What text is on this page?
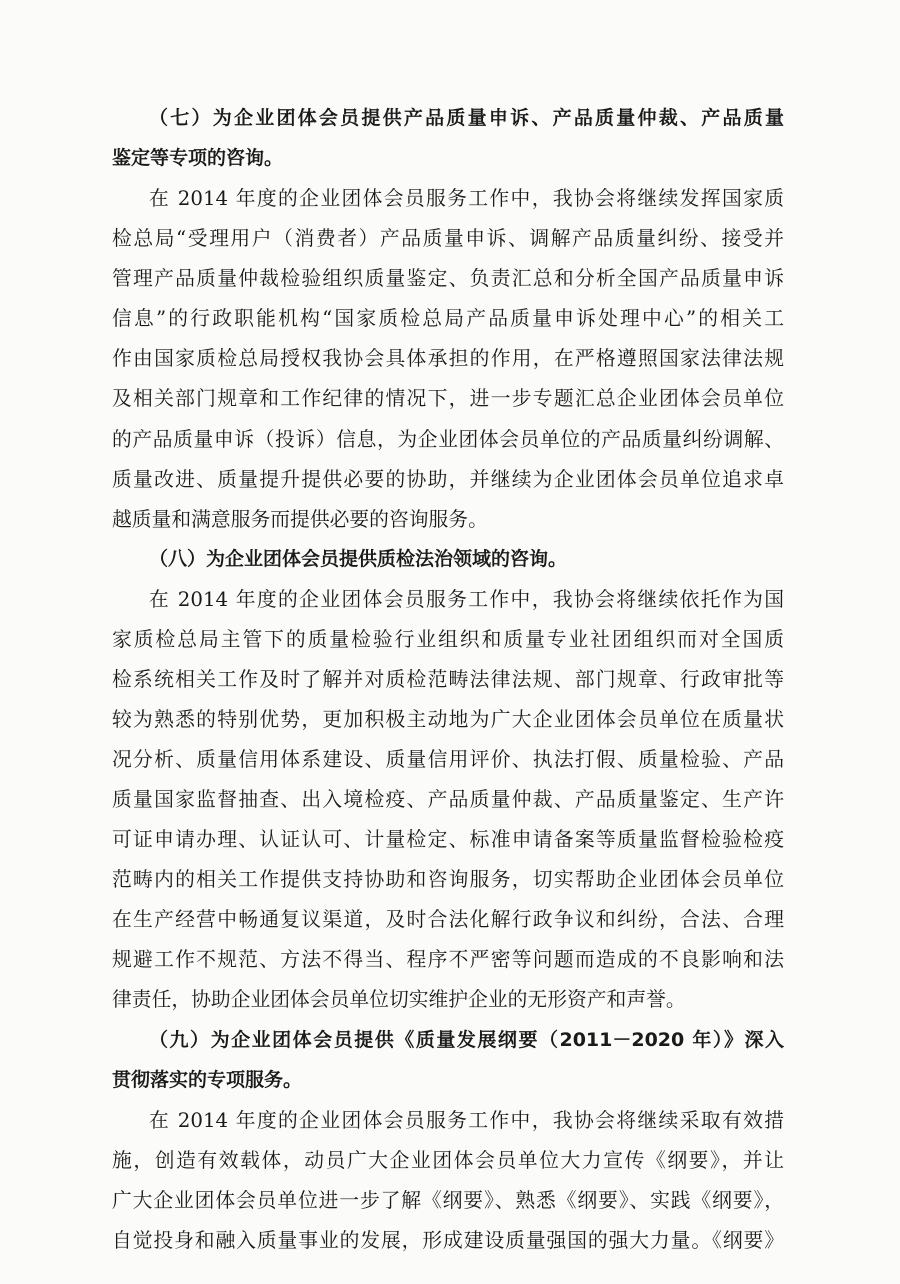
（七）为企业团体会员提供产品质量申诉、产品质量仲裁、产品质量
鉴定等专项的咨询。
在 2014 年度的企业团体会员服务工作中，我协会将继续发挥国家质
检总局“受理用户（消费者）产品质量申诉、调解产品质量纠纷、接受并
管理产品质量仲裁检验组织质量鉴定、负责汇总和分析全国产品质量申诉
信息”的行政职能机构“国家质检总局产品质量申诉处理中心”的相关工
作由国家质检总局授权我协会具体承担的作用，在严格遵照国家法律法规
及相关部门规章和工作纪律的情况下，进一步专题汇总企业团体会员单位
的产品质量申诉（投诉）信息，为企业团体会员单位的产品质量纠纷调解、
质量改进、质量提升提供必要的协助，并继续为企业团体会员单位追求卓
越质量和满意服务而提供必要的咨询服务。
（八）为企业团体会员提供质检法治领域的咨询。
在 2014 年度的企业团体会员服务工作中，我协会将继续依托作为国
家质检总局主管下的质量检验行业组织和质量专业社团组织而对全国质
检系统相关工作及时了解并对质检范畴法律法规、部门规章、行政审批等
较为熟悉的特别优势，更加积极主动地为广大企业团体会员单位在质量状
况分析、质量信用体系建设、质量信用评价、执法打假、质量检验、产品
质量国家监督抽查、出入境检疫、产品质量仲裁、产品质量鉴定、生产许
可证申请办理、认证认可、计量检定、标准申请备案等质量监督检验检疫
范畴内的相关工作提供支持协助和咨询服务，切实帮助企业团体会员单位
在生产经营中畅通复议渠道，及时合法化解行政争议和纠纷，合法、合理
规避工作不规范、方法不得当、程序不严密等问题而造成的不良影响和法
律责任，协助企业团体会员单位切实维护企业的无形资产和声誉。
（九）为企业团体会员提供《质量发展纲要（2011－2020 年）》深入
贯彻落实的专项服务。
在 2014 年度的企业团体会员服务工作中，我协会将继续采取有效措
施，创造有效载体，动员广大企业团体会员单位大力宣传《纲要》，并让
广大企业团体会员单位进一步了解《纲要》、熟悉《纲要》、实践《纲要》，
自觉投身和融入质量事业的发展，形成建设质量强国的强大力量。《纲要》
